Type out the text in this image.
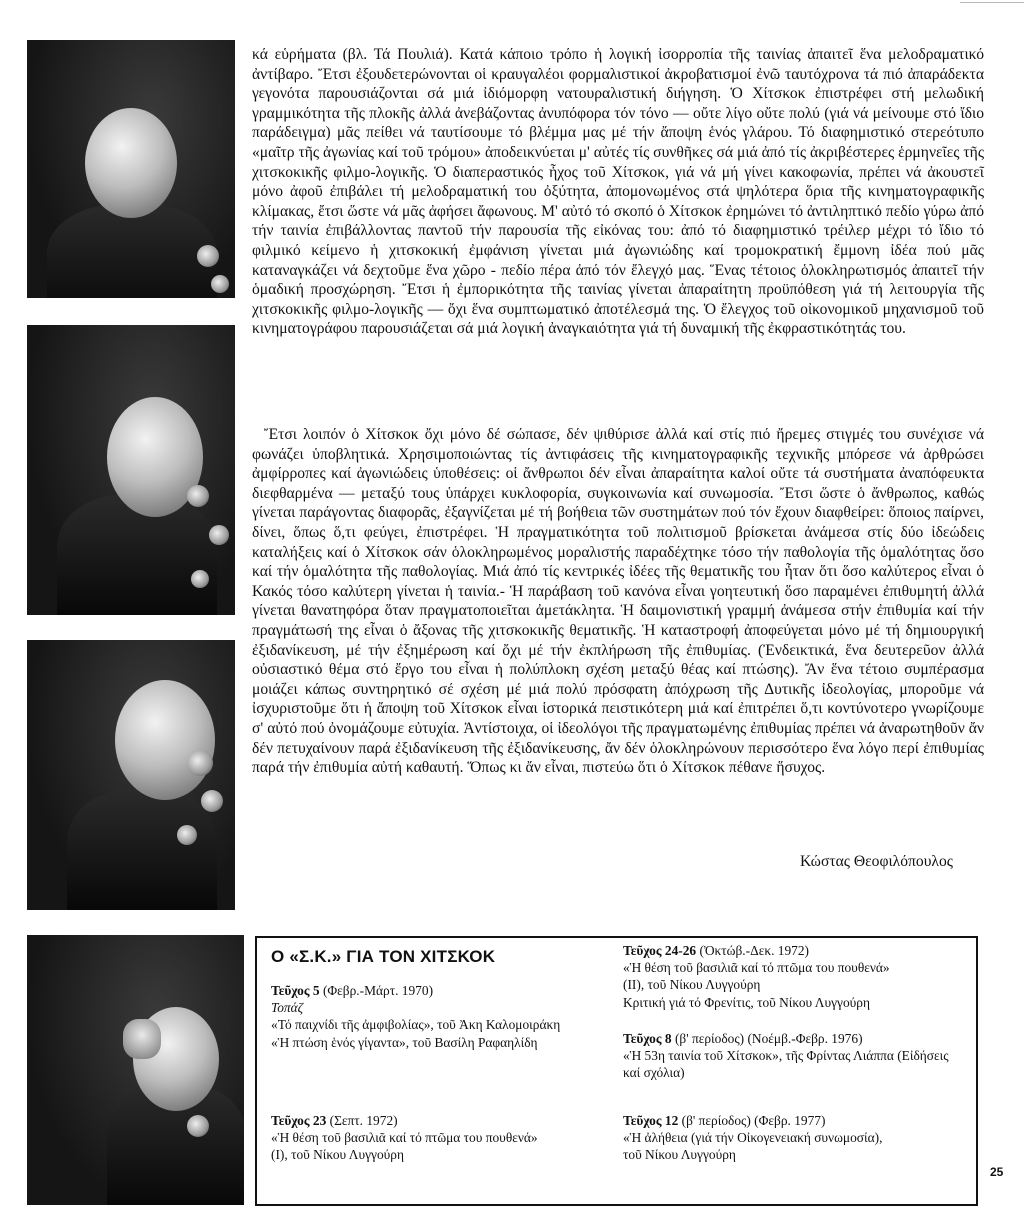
κά εὑρήματα (βλ. Τά Πουλιά). Κατά κάποιο τρόπο ἡ λογική ἰσορροπία τῆς ταινίας ἀπαιτεῖ ἕνα μελοδραματικό ἀντίβαρο. Ἔτσι ἐξουδετερώνονται οἱ κραυγαλέοι φορμαλιστικοί ἀκροβατισμοί ἐνῶ ταυτόχρονα τά πιό ἀπαράδεκτα γεγονότα παρουσιάζονται σά μιά ἰδιόμορφη νατουραλιστική διήγηση. Ὁ Χίτσκοκ ἐπιστρέφει στή μελωδική γραμμικότητα τῆς πλοκῆς ἀλλά ἀνεβάζοντας ἀνυπόφορα τόν τόνο — οὔτε λίγο οὔτε πολύ (γιά νά μείνουμε στό ἴδιο παράδειγμα) μᾶς πείθει νά ταυτίσουμε τό βλέμμα μας μέ τήν ἄποψη ἑνός γλάρου. Τό διαφημιστικό στερεότυπο «μαῖτρ τῆς ἀγωνίας καί τοῦ τρόμου» ἀποδεικνύεται μ' αὐτές τίς συνθῆκες σά μιά ἀπό τίς ἀκριβέστερες ἑρμηνεῖες τῆς χιτσκοκικῆς φιλμο-λογικῆς. Ὁ διαπεραστικός ἦχος τοῦ Χίτσκοκ, γιά νά μή γίνει κακοφωνία, πρέπει νά ἀκουστεῖ μόνο ἀφοῦ ἐπιβάλει τή μελοδραματική του ὀξύτητα, ἀπομονωμένος στά ψηλότερα ὅρια τῆς κινηματογραφικῆς κλίμακας, ἔτσι ὥστε νά μᾶς ἀφήσει ἄφωνους. Μ' αὐτό τό σκοπό ὁ Χίτσκοκ ἐρημώνει τό ἀντιληπτικό πεδίο γύρω ἀπό τήν ταινία ἐπιβάλλοντας παντοῦ τήν παρουσία τῆς εἰκόνας του: ἀπό τό διαφημιστικό τρέιλερ μέχρι τό ἴδιο τό φιλμικό κείμενο ἡ χιτσκοκική ἐμφάνιση γίνεται μιά ἀγωνιώδης καί τρομοκρατική ἔμμονη ἰδέα πού μᾶς καταναγκάζει νά δεχτοῦμε ἕνα χῶρο - πεδίο πέρα ἀπό τόν ἔλεγχό μας. Ἕνας τέτοιος ὁλοκληρωτισμός ἀπαιτεῖ τήν ὁμαδική προσχώρηση. Ἔτσι ἡ ἐμπορικότητα τῆς ταινίας γίνεται ἀπαραίτητη προϋπόθεση γιά τή λειτουργία τῆς χιτσκοκικῆς φιλμο-λογικῆς — ὄχι ἕνα συμπτωματικό ἀποτέλεσμά της. Ὁ ἔλεγχος τοῦ οἰκονομικοῦ μηχανισμοῦ τοῦ κινηματογράφου παρουσιάζεται σά μιά λογική ἀναγκαιότητα γιά τή δυναμική τῆς ἐκφραστικότητάς του.

Ἔτσι λοιπόν ὁ Χίτσκοκ ὄχι μόνο δέ σώπασε, δέν ψιθύρισε ἀλλά καί στίς πιό ἤρεμες στιγμές του συνέχισε νά φωνάζει ὑποβλητικά. Χρησιμοποιώντας τίς ἀντιφάσεις τῆς κινηματογραφικῆς τεχνικῆς μπόρεσε νά ἀρθρώσει ἀμφίρροπες καί ἀγωνιώδεις ὑποθέσεις: οἱ ἄνθρωποι δέν εἶναι ἀπαραίτητα καλοί οὔτε τά συστήματα ἀναπόφευκτα διεφθαρμένα — μεταξύ τους ὑπάρχει κυκλοφορία, συγκοινωνία καί συνωμοσία. Ἔτσι ὥστε ὁ ἄνθρωπος, καθώς γίνεται παράγοντας διαφορᾶς, ἐξαγνίζεται μέ τή βοήθεια τῶν συστημάτων πού τόν ἔχουν διαφθείρει: ὅποιος παίρνει, δίνει, ὅπως ὅ,τι φεύγει, ἐπιστρέφει. Ἡ πραγματικότητα τοῦ πολιτισμοῦ βρίσκεται ἀνάμεσα στίς δύο ἰδεώδεις καταλήξεις καί ὁ Χίτσκοκ σάν ὁλοκληρωμένος μοραλιστής παραδέχτηκε τόσο τήν παθολογία τῆς ὁμαλότητας ὅσο καί τήν ὁμαλότητα τῆς παθολογίας. Μιά ἀπό τίς κεντρικές ἰδέες τῆς θεματικῆς του ἦταν ὅτι ὅσο καλύτερος εἶναι ὁ Κακός τόσο καλύτερη γίνεται ἡ ταινία.- Ἡ παράβαση τοῦ κανόνα εἶναι γοητευτική ὅσο παραμένει ἐπιθυμητή ἀλλά γίνεται θανατηφόρα ὅταν πραγματοποιεῖται ἀμετάκλητα. Ἡ δαιμονιστική γραμμή ἀνάμεσα στήν ἐπιθυμία καί τήν πραγμάτωσή της εἶναι ὁ ἄξονας τῆς χιτσκοκικῆς θεματικῆς. Ἡ καταστροφή ἀποφεύγεται μόνο μέ τή δημιουργική ἐξιδανίκευση, μέ τήν ἐξημέρωση καί ὄχι μέ τήν ἐκπλήρωση τῆς ἐπιθυμίας. (Ἐνδεικτικά, ἕνα δευτερεῦον ἀλλά οὐσιαστικό θέμα στό ἔργο του εἶναι ἡ πολύπλοκη σχέση μεταξύ θέας καί πτώσης). Ἄν ἕνα τέτοιο συμπέρασμα μοιάζει κάπως συντηρητικό σέ σχέση μέ μιά πολύ πρόσφατη ἀπόχρωση τῆς Δυτικῆς ἰδεολογίας, μποροῦμε νά ἰσχυριστοῦμε ὅτι ἡ ἄποψη τοῦ Χίτσκοκ εἶναι ἱστορικά πειστικότερη μιά καί ἐπιτρέπει ὅ,τι κοντύνοτερο γνωρίζουμε σ' αὐτό πού ὀνομάζουμε εὐτυχία. Ἀντίστοιχα, οἱ ἰδεολόγοι τῆς πραγματωμένης ἐπιθυμίας πρέπει νά ἀναρωτηθοῦν ἄν δέν πετυχαίνουν παρά ἐξιδανίκευση τῆς ἐξιδανίκευσης, ἄν δέν ὁλοκληρώνουν περισσότερο ἕνα λόγο περί ἐπιθυμίας παρά τήν ἐπιθυμία αὐτή καθαυτή. Ὅπως κι ἄν εἶναι, πιστεύω ὅτι ὁ Χίτσκοκ πέθανε ἥσυχος.

Κώστας Θεοφιλόπουλος
Ο «Σ.Κ.» ΓΙΑ ΤΟΝ ΧΙΤΣΚΟΚ
Τεῦχος 5 (Φεβρ.-Μάρτ. 1970)
Τοπάζ
«Τό παιχνίδι τῆς ἀμφιβολίας», τοῦ Ἀκη Καλομοιράκη
«Ἡ πτώση ἑνός γίγαντα», τοῦ Βασίλη Ραφαηλίδη
Τεῦχος 23 (Σεπτ. 1972)
«Ἡ θέση τοῦ βασιλιᾶ καί τό πτῶμα του πουθενά»
(Ι), τοῦ Νίκου Λυγγούρη
Τεῦχος 24-26 (Ὀκτώβ.-Δεκ. 1972)
«Ἡ θέση τοῦ βασιλιᾶ καί τό πτῶμα του πουθενά»
(ΙΙ), τοῦ Νίκου Λυγγούρη
Κριτική γιά τό Φρενίτις, τοῦ Νίκου Λυγγούρη
Τεῦχος 8 (β' περίοδος) (Νοέμβ.-Φεβρ. 1976)
«Ἡ 53η ταινία τοῦ Χίτσκοκ», τῆς Φρίντας Λιάππα (Εἰδήσεις καί σχόλια)
Τεῦχος 12 (β' περίοδος) (Φεβρ. 1977)
«Ἡ ἀλήθεια (γιά τήν Οἰκογενειακή συνωμοσία),
τοῦ Νίκου Λυγγούρη
25
